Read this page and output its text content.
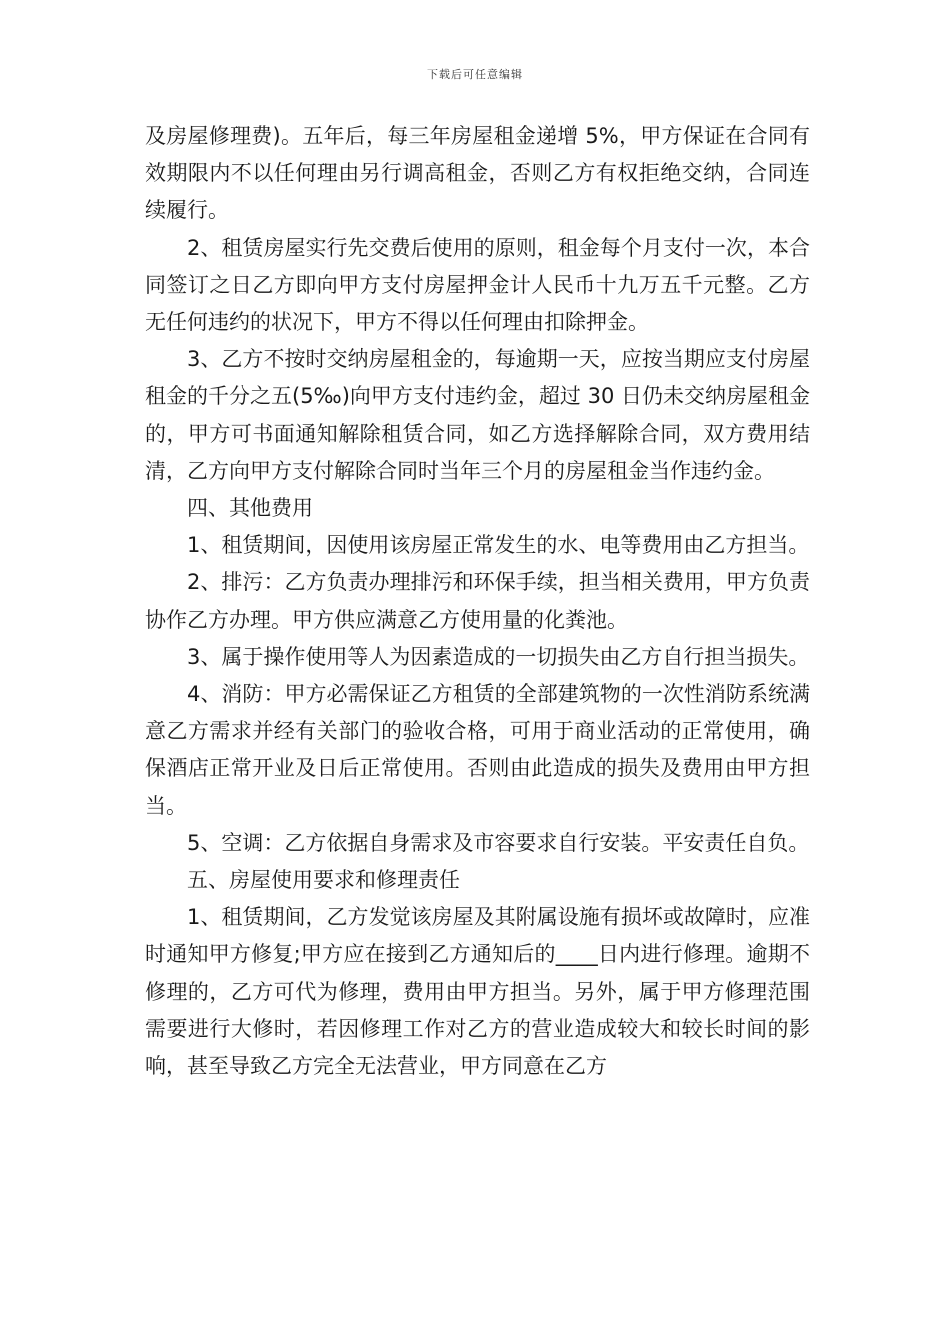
下载后可任意编辑

及房屋修理费)。五年后，每三年房屋租金递增 5%，甲方保证在合同有效期限内不以任何理由另行调高租金，否则乙方有权拒绝交纳，合同连续履行。

2、租赁房屋实行先交费后使用的原则，租金每个月支付一次，本合同签订之日乙方即向甲方支付房屋押金计人民币十九万五千元整。乙方无任何违约的状况下，甲方不得以任何理由扣除押金。

3、乙方不按时交纳房屋租金的，每逾期一天，应按当期应支付房屋租金的千分之五(5‰)向甲方支付违约金，超过 30 日仍未交纳房屋租金的，甲方可书面通知解除租赁合同，如乙方选择解除合同，双方费用结清，乙方向甲方支付解除合同时当年三个月的房屋租金当作违约金。

四、其他费用

1、租赁期间，因使用该房屋正常发生的水、电等费用由乙方担当。

2、排污：乙方负责办理排污和环保手续，担当相关费用，甲方负责协作乙方办理。甲方供应满意乙方使用量的化粪池。

3、属于操作使用等人为因素造成的一切损失由乙方自行担当损失。

4、消防：甲方必需保证乙方租赁的全部建筑物的一次性消防系统满意乙方需求并经有关部门的验收合格，可用于商业活动的正常使用，确保酒店正常开业及日后正常使用。否则由此造成的损失及费用由甲方担当。

5、空调：乙方依据自身需求及市容要求自行安装。平安责任自负。

五、房屋使用要求和修理责任

1、租赁期间，乙方发觉该房屋及其附属设施有损坏或故障时，应准时通知甲方修复;甲方应在接到乙方通知后的____日内进行修理。逾期不修理的，乙方可代为修理，费用由甲方担当。另外，属于甲方修理范围需要进行大修时，若因修理工作对乙方的营业造成较大和较长时间的影响，甚至导致乙方完全无法营业，甲方同意在乙方
